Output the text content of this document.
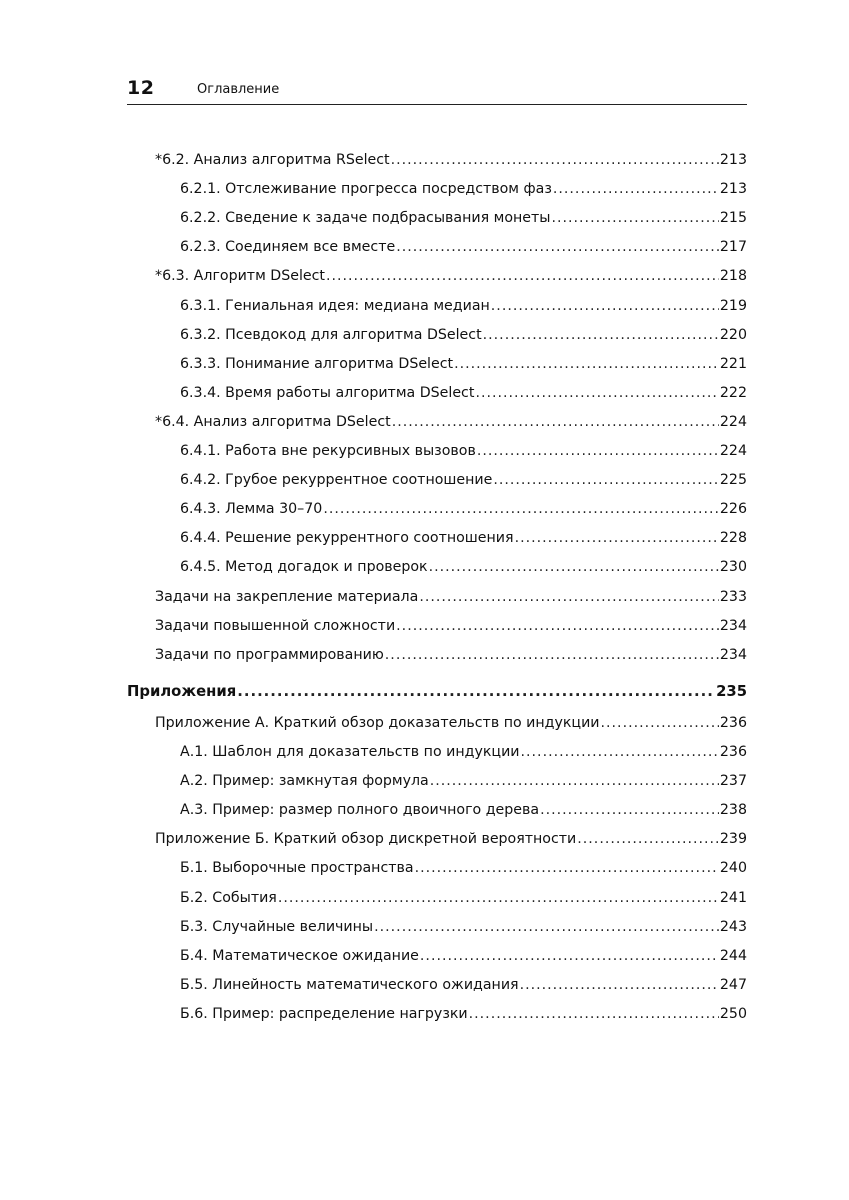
12	Оглавление
*6.2. Анализ алгоритма RSelect .....	213
6.2.1. Отслеживание прогресса посредством фаз .....	213
6.2.2. Сведение к задаче подбрасывания монеты .....	215
6.2.3. Соединяем все вместе .....	217
*6.3. Алгоритм DSelect .....	218
6.3.1. Гениальная идея: медиана медиан .....	219
6.3.2. Псевдокод для алгоритма DSelect .....	220
6.3.3. Понимание алгоритма DSelect .....	221
6.3.4. Время работы алгоритма DSelect .....	222
*6.4. Анализ алгоритма DSelect .....	224
6.4.1. Работа вне рекурсивных вызовов .....	224
6.4.2. Грубое рекуррентное соотношение .....	225
6.4.3. Лемма 30–70 .....	226
6.4.4. Решение рекуррентного соотношения .....	228
6.4.5. Метод догадок и проверок .....	230
Задачи на закрепление материала .....	233
Задачи повышенной сложности .....	234
Задачи по программированию .....	234
Приложения .....	235
Приложение А. Краткий обзор доказательств по индукции .....	236
А.1. Шаблон для доказательств по индукции .....	236
А.2. Пример: замкнутая формула .....	237
А.3. Пример: размер полного двоичного дерева .....	238
Приложение Б. Краткий обзор дискретной вероятности .....	239
Б.1. Выборочные пространства .....	240
Б.2. События .....	241
Б.3. Случайные величины .....	243
Б.4. Математическое ожидание .....	244
Б.5. Линейность математического ожидания .....	247
Б.6. Пример: распределение нагрузки .....	250
